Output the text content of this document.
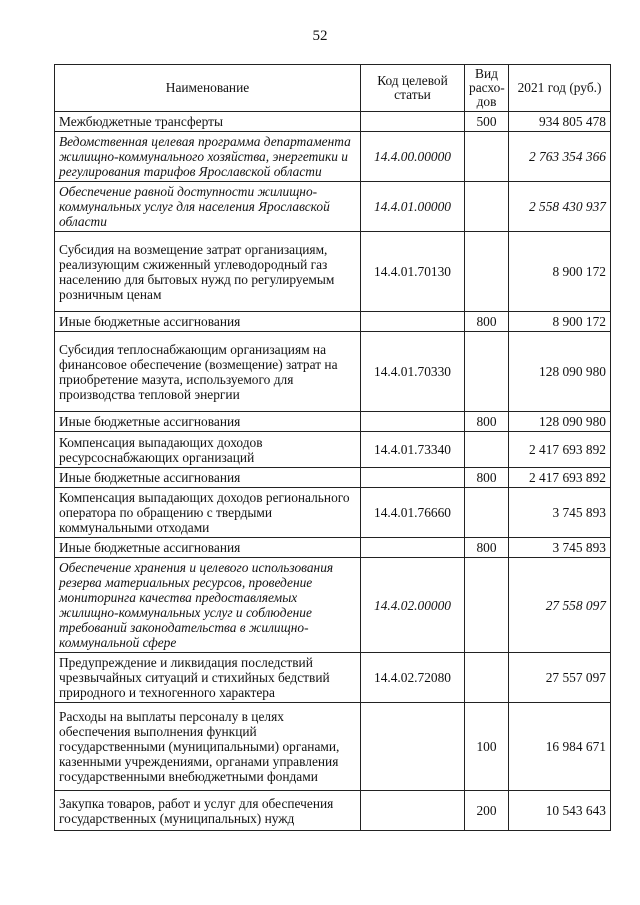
52
Наименование	Код целевой статьи	Вид расхо-дов	2021 год (руб.)
Межбюджетные трансферты		500	934 805 478
Ведомственная целевая программа департамента жилищно-коммунального хозяйства, энергетики и регулирования тарифов Ярославской области	14.4.00.00000		2 763 354 366
Обеспечение равной доступности жилищно-коммунальных услуг для населения Ярославской области	14.4.01.00000		2 558 430 937
Субсидия на возмещение затрат организациям, реализующим сжиженный углеводородный газ населению для бытовых нужд по регулируемым розничным ценам	14.4.01.70130		8 900 172
Иные бюджетные ассигнования		800	8 900 172
Субсидия теплоснабжающим организациям на финансовое обеспечение (возмещение) затрат на приобретение мазута, используемого для производства тепловой энергии	14.4.01.70330		128 090 980
Иные бюджетные ассигнования		800	128 090 980
Компенсация выпадающих доходов ресурсоснабжающих организаций	14.4.01.73340		2 417 693 892
Иные бюджетные ассигнования		800	2 417 693 892
Компенсация выпадающих доходов регионального оператора по обращению с твердыми коммунальными отходами	14.4.01.76660		3 745 893
Иные бюджетные ассигнования		800	3 745 893
Обеспечение хранения и целевого использования резерва материальных ресурсов, проведение мониторинга качества предоставляемых жилищно-коммунальных услуг и соблюдение требований законодательства в жилищно-коммунальной сфере	14.4.02.00000		27 558 097
Предупреждение и ликвидация последствий чрезвычайных ситуаций и стихийных бедствий природного и техногенного характера	14.4.02.72080		27 557 097
Расходы на выплаты персоналу в целях обеспечения выполнения функций государственными (муниципальными) органами, казенными учреждениями, органами управления государственными внебюджетными фондами		100	16 984 671
Закупка товаров, работ и услуг для обеспечения государственных (муниципальных) нужд		200	10 543 643
